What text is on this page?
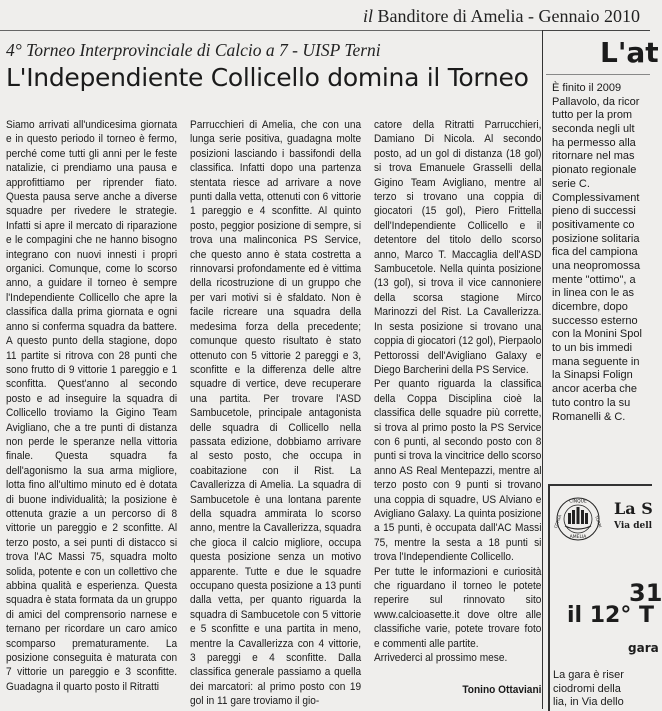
il Banditore di Amelia - Gennaio 2010
4° Torneo Interprovinciale di Calcio a 7 - UISP Terni
L'Independiente Collicello domina il Torneo

Siamo arrivati all'undicesima giornata e in questo periodo il torneo è fermo, perché come tutti gli anni per le feste natalizie, ci prendiamo una pausa e approfittiamo per riprender fiato. Questa pausa serve anche a diverse squadre per rivedere le strategie. Infatti si apre il mercato di riparazione e le compagini che ne hanno bisogno integrano con nuovi innesti i propri organici. Comunque, come lo scorso anno, a guidare il torneo è sempre l'Independiente Collicello che apre la classifica dalla prima giornata e ogni anno si conferma squadra da battere. A questo punto della stagione, dopo 11 partite si ritrova con 28 punti che sono frutto di 9 vittorie 1 pareggio e 1 sconfitta. Quest'anno al secondo posto e ad inseguire la squadra di Collicello troviamo la Gigino Team Avigliano, che a tre punti di distanza non perde le speranze nella vittoria finale. Questa squadra fa dell'agonismo la sua arma migliore, lotta fino all'ultimo minuto ed è dotata di buone individualità; la posizione è ottenuta grazie a un percorso di 8 vittorie un pareggio e 2 sconfitte. Al terzo posto, a sei punti di distacco si trova l'AC Massi 75, squadra molto solida, potente e con un collettivo che abbina qualità e esperienza. Questa squadra è stata formata da un gruppo di amici del comprensorio narnese e ternano per ricordare un caro amico scomparso prematuramente. La posizione conseguita è maturata con 7 vittorie un pareggio e 3 sconfitte. Guadagna il quarto posto il Ritratti

Parrucchieri di Amelia, che con una lunga serie positiva, guadagna molte posizioni lasciando i bassifondi della classifica. Infatti dopo una partenza stentata riesce ad arrivare a nove punti dalla vetta, ottenuti con 6 vittorie 1 pareggio e 4 sconfitte. Al quinto posto, peggior posizione di sempre, si trova una malinconica PS Service, che questo anno è stata costretta a rinnovarsi profondamente ed è vittima della ricostruzione di un gruppo che per vari motivi si è sfaldato. Non è facile ricreare una squadra della medesima forza della precedente; comunque questo risultato è stato ottenuto con 5 vittorie 2 pareggi e 3, sconfitte e la differenza delle altre squadre di vertice, deve recuperare una partita. Per trovare l'ASD Sambucetole, principale antagonista delle squadra di Collicello nella passata edizione, dobbiamo arrivare al sesto posto, che occupa in coabitazione con il Rist. La Cavallerizza di Amelia. La squadra di Sambucetole è una lontana parente della squadra ammirata lo scorso anno, mentre la Cavallerizza, squadra che gioca il calcio migliore, occupa questa posizione senza un motivo apparente. Tutte e due le squadre occupano questa posizione a 13 punti dalla vetta, per quanto riguarda la squadra di Sambucetole con 5 vittorie e 5 sconfitte e una partita in meno, mentre la Cavallerizza con 4 vittorie, 3 pareggi e 4 sconfitte. Dalla classifica generale passiamo a quella dei marcatori: al primo posto con 19 gol in 11 gare troviamo il gio-

catore della Ritratti Parrucchieri, Damiano Di Nicola. Al secondo posto, ad un gol di distanza (18 gol) si trova Emanuele Grasselli della Gigino Team Avigliano, mentre al terzo si trovano una coppia di giocatori (15 gol), Piero Frittella dell'Independiente Collicello e il detentore del titolo dello scorso anno, Marco T. Maccaglia dell'ASD Sambucetole. Nella quinta posizione (13 gol), si trova il vice cannoniere della scorsa stagione Mirco Marinozzi del Rist. La Cavallerizza. In sesta posizione si trovano una coppia di giocatori (12 gol), Pierpaolo Pettorossi dell'Avigliano Galaxy e Diego Barcherini della PS Service.

Per quanto riguarda la classifica della Coppa Disciplina cioè la classifica delle squadre più corrette, si trova al primo posto la PS Service con 6 punti, al secondo posto con 8 punti si trova la vincitrice dello scorso anno AS Real Mentepazzi, mentre al terzo posto con 9 punti si trovano una coppia di squadre, US Alviano e Avigliano Galaxy. La quinta posizione a 15 punti, è occupata dall'AC Massi 75, mentre la sesta a 18 punti si trova l'Independiente Collicello.

Per tutte le informazioni e curiosità che riguardano il torneo le potete reperire sul rinnovato sito www.calcioasette.it dove oltre alle classifiche varie, potete trovare foto e commenti alle partite.

Arrivederci al prossimo mese.

Tonino Ottaviani

L'at
È finito il 2009
Pallavolo, da ricor
tutto per la prom
seconda negli ult
ha permesso alla
ritornare nel mas
pionato regionale
serie C.
Complessivament
pieno di successi
positivamente co
posizione solitaria
fica del campiona
una neopromossa
mente "ottimo", a
in linea con le as
dicembre, dopo
successo esterno
con la Monini Spol
to un bis immedi
mana seguente in
la Sinapsi Folign
ancor acerba che
tuto contro la su
Romanelli & C.
CINQUE
CORSA	TORRI
AMELIA
La S
Via dell
31
il 12° T
gara
La gara è riser
ciodromi della
lia, in Via dello
